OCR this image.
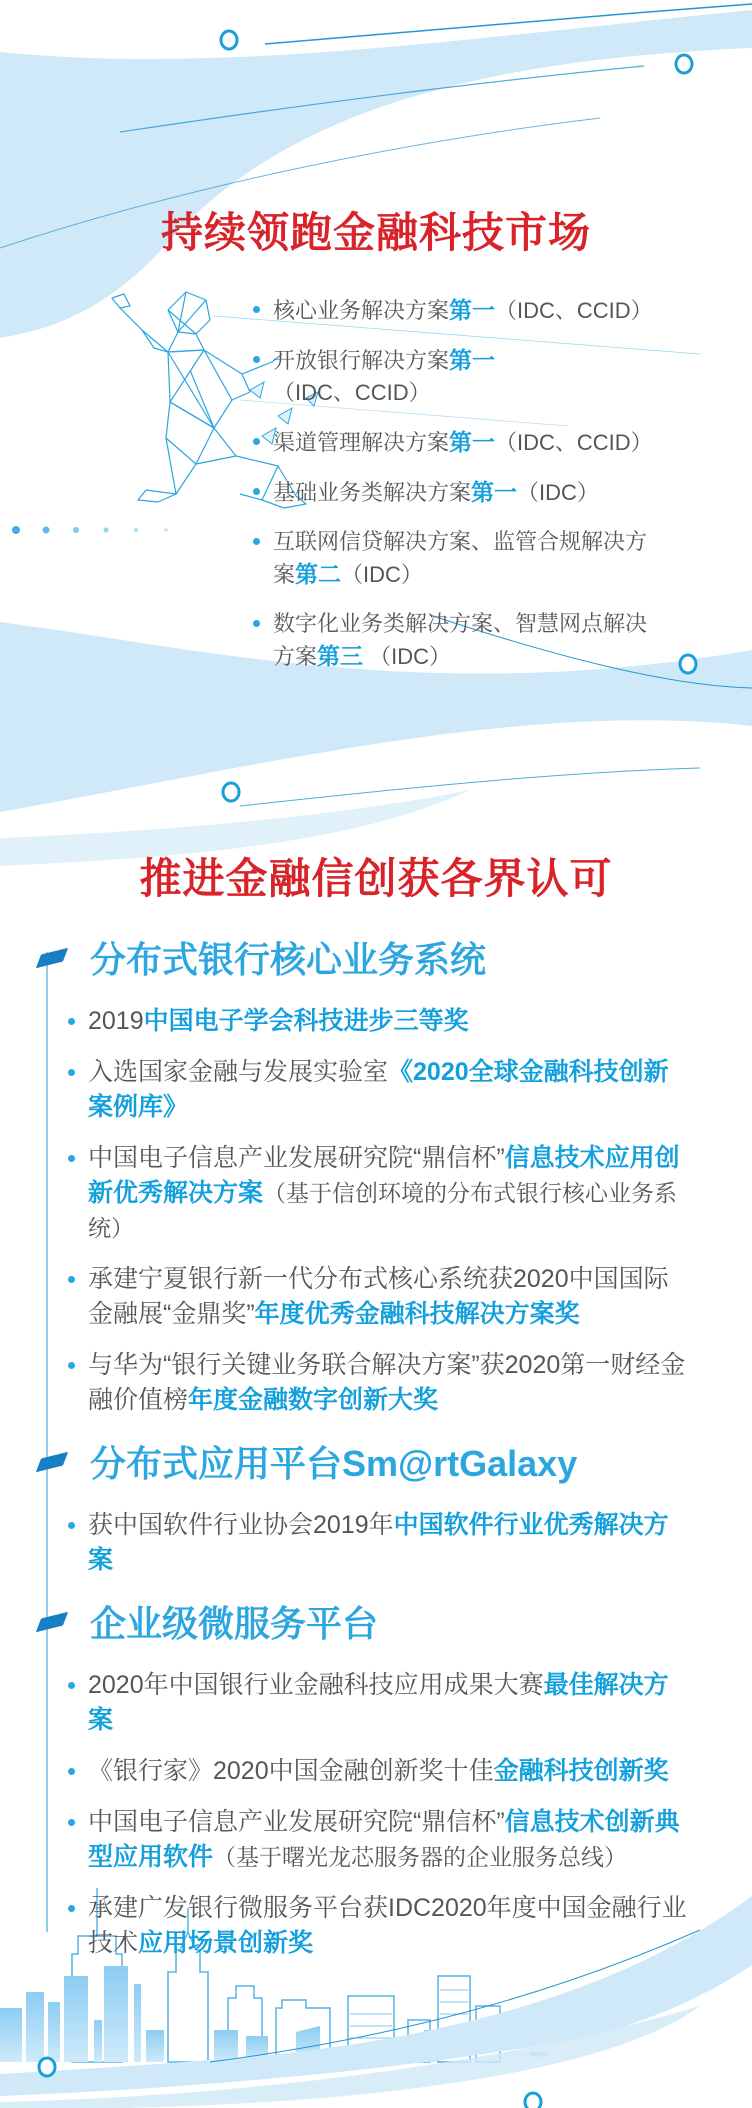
持续领跑金融科技市场
核心业务解决方案第一（IDC、CCID）
开放银行解决方案第一 （IDC、CCID）
渠道管理解决方案第一（IDC、CCID）
基础业务类解决方案第一（IDC）
互联网信贷解决方案、监管合规解决方案第二（IDC）
数字化业务类解决方案、智慧网点解决方案第三 （IDC）
推进金融信创获各界认可
分布式银行核心业务系统
2019中国电子学会科技进步三等奖
入选国家金融与发展实验室《2020全球金融科技创新案例库》
中国电子信息产业发展研究院“鼎信杯”信息技术应用创新优秀解决方案（基于信创环境的分布式银行核心业务系统）
承建宁夏银行新一代分布式核心系统获2020中国国际金融展“金鼎奖”年度优秀金融科技解决方案奖
与华为“银行关键业务联合解决方案”获2020第一财经金融价值榜年度金融数字创新大奖
分布式应用平台Sm@rtGalaxy
获中国软件行业协会2019年中国软件行业优秀解决方案
企业级微服务平台
2020年中国银行业金融科技应用成果大赛最佳解决方案
《银行家》2020中国金融创新奖十佳金融科技创新奖
中国电子信息产业发展研究院“鼎信杯”信息技术创新典型应用软件（基于曙光龙芯服务器的企业服务总线）
承建广发银行微服务平台获IDC2020年度中国金融行业技术应用场景创新奖
